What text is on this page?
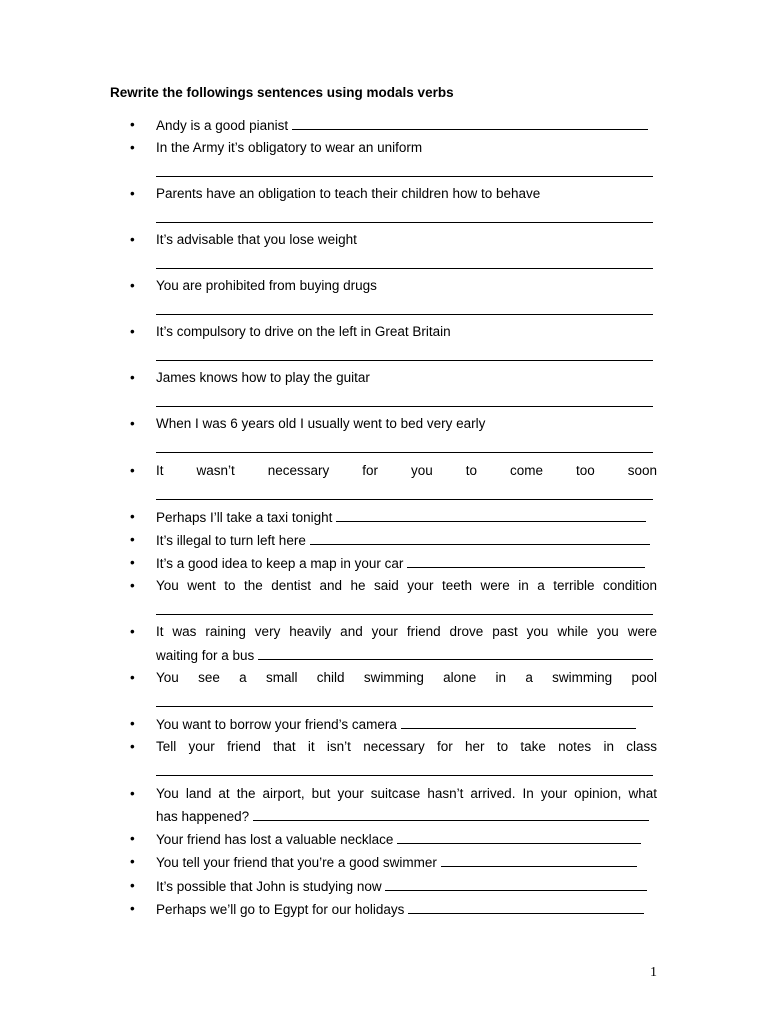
Rewrite the followings sentences using modals verbs
• Andy is a good pianist
• In the Army it’s obligatory to wear an uniform
• Parents have an obligation to teach their children how to behave
• It’s advisable that you lose weight
• You are prohibited from buying drugs
• It’s compulsory to drive on the left in Great Britain
• James knows how to play the guitar
• When I was 6 years old I usually went to bed very early
• It wasn’t necessary for you to come too soon
• Perhaps I’ll take a taxi tonight
• It’s illegal to turn left here
• It’s a good idea to keep a map in your car
• You went to the dentist and he said your teeth were in a terrible condition
• It was raining very heavily and your friend drove past you while you were
waiting for a bus
• You see a small child swimming alone in a swimming pool
• You want to borrow your friend’s camera
• Tell your friend that it isn’t necessary for her to take notes in class
• You land at the airport, but your suitcase hasn’t arrived. In your opinion, what
has happened?
• Your friend has lost a valuable necklace
• You tell your friend that you’re a good swimmer
• It’s possible that John is studying now
• Perhaps we’ll go to Egypt for our holidays
1
